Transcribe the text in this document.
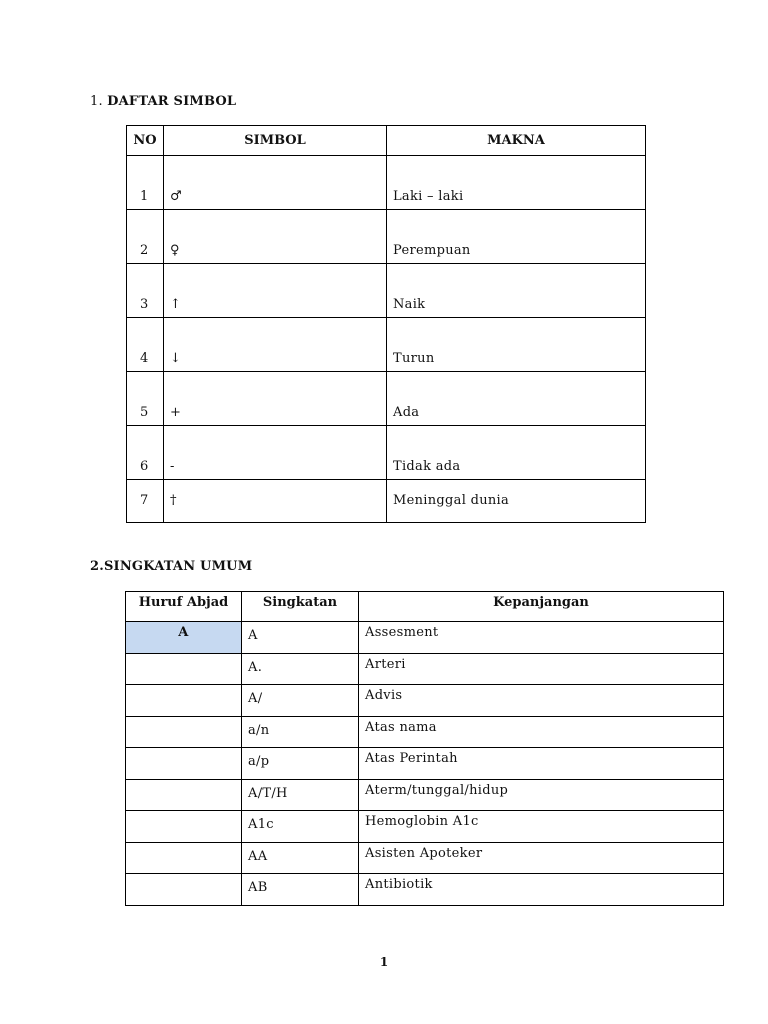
1. DAFTAR SIMBOL
NO	SIMBOL	MAKNA
1	♂	Laki – laki
2	♀	Perempuan
3	↑	Naik
4	↓	Turun
5	+	Ada
6	-	Tidak ada
7	†	Meninggal dunia
2.SINGKATAN UMUM
Huruf Abjad	Singkatan	Kepanjangan
A	A	Assesment
	A.	Arteri
	A/	Advis
	a/n	Atas nama
	a/p	Atas Perintah
	A/T/H	Aterm/tunggal/hidup
	A1c	Hemoglobin A1c
	AA	Asisten Apoteker
	AB	Antibiotik
1
